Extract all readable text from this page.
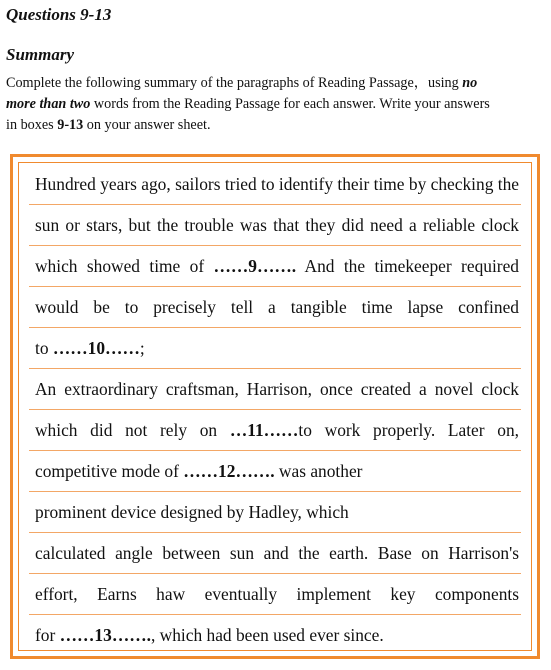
Questions 9-13
Summary

Complete the following summary of the paragraphs of Reading Passage，using no
more than two words from the Reading Passage for each answer. Write your answers
in boxes 9-13 on your answer sheet.

Hundred years ago, sailors tried to identify their time by checking the
sun or stars, but the trouble was that they did need a reliable clock
which showed time of ……9……. And the timekeeper required
would be to precisely tell a tangible time lapse confined
to ……10……;
An extraordinary craftsman, Harrison, once created a novel clock
which did not rely on …11……to work properly. Later on,
competitive mode of ……12……. was another
prominent device designed by Hadley, which
calculated angle between sun and the earth. Base on Harrison's
effort, Earns haw eventually implement key components
for ……13……., which had been used ever since.
